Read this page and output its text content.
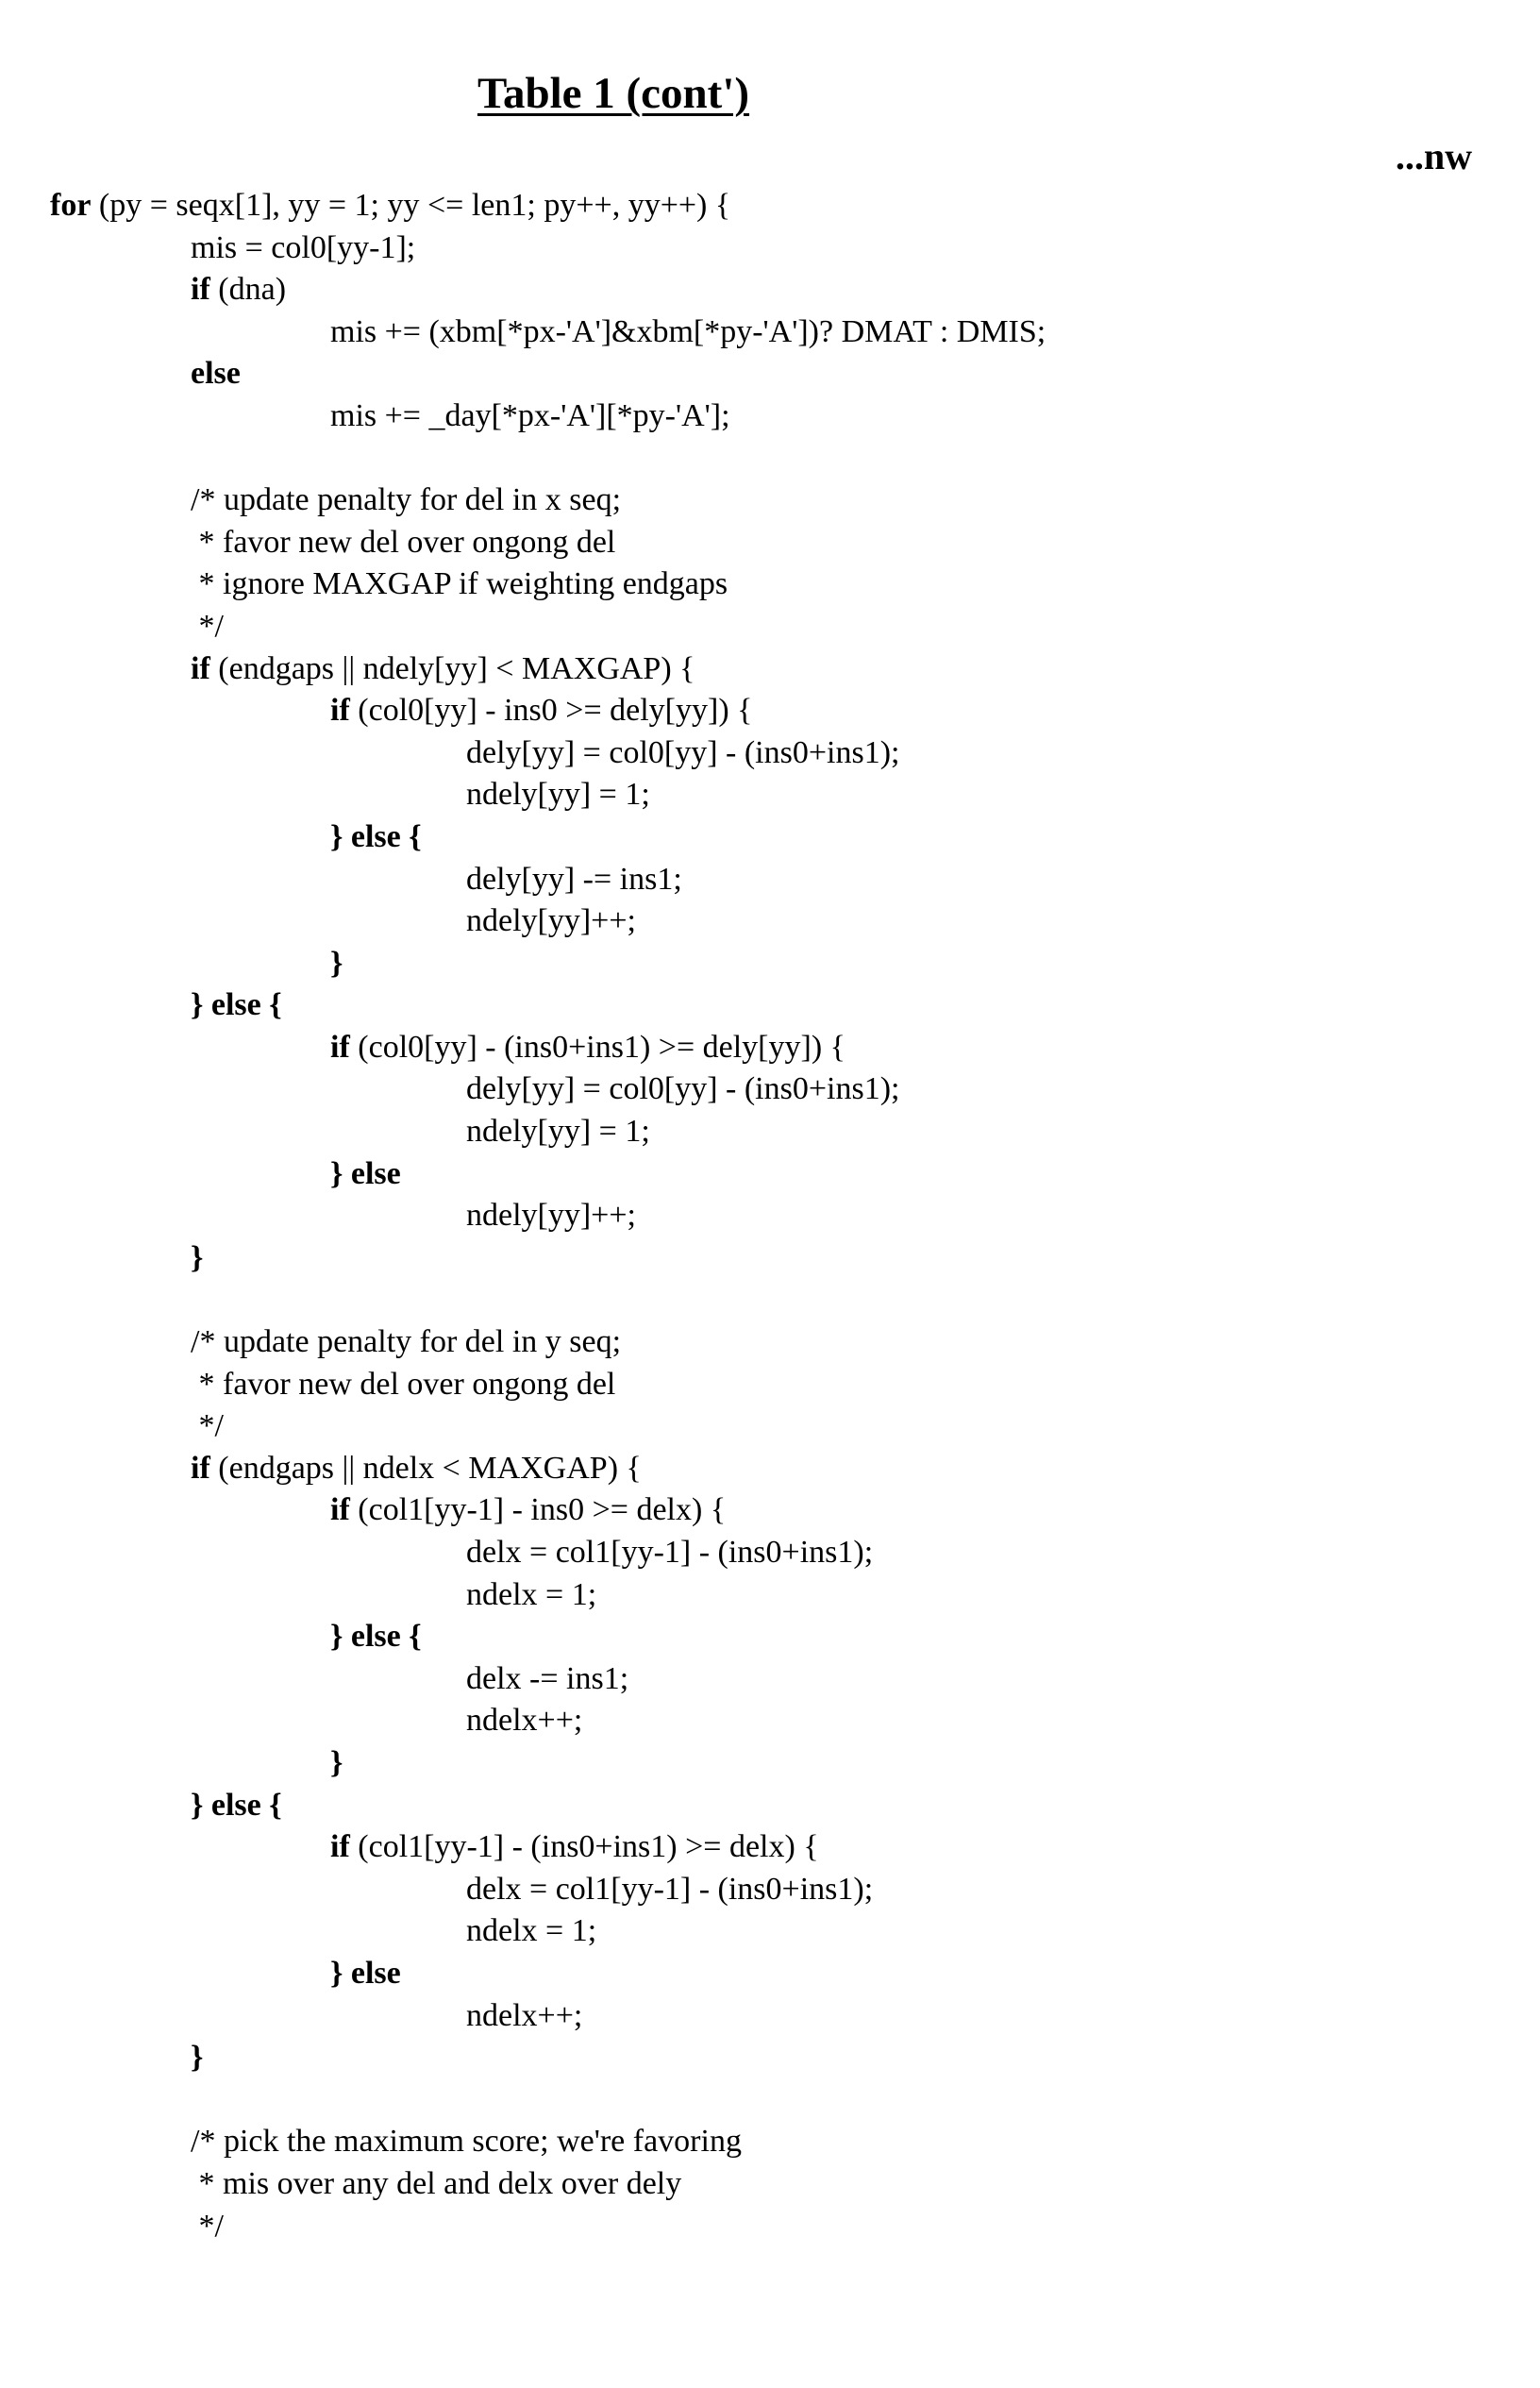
Table 1 (cont')
...nw
for (py = seqx[1], yy = 1; yy <= len1; py++, yy++) {
mis = col0[yy-1];
if (dna)
mis += (xbm[*px-'A']&xbm[*py-'A'])? DMAT : DMIS;
else
mis += _day[*px-'A'][*py-'A'];
/* update penalty for del in x seq;
* favor new del over ongong del
* ignore MAXGAP if weighting endgaps
*/
if (endgaps || ndely[yy] < MAXGAP) {
if (col0[yy] - ins0 >= dely[yy]) {
dely[yy] = col0[yy] - (ins0+ins1);
ndely[yy] = 1;
} else {
dely[yy] -= ins1;
ndely[yy]++;
}
} else {
if (col0[yy] - (ins0+ins1) >= dely[yy]) {
dely[yy] = col0[yy] - (ins0+ins1);
ndely[yy] = 1;
} else
ndely[yy]++;
}
/* update penalty for del in y seq;
* favor new del over ongong del
*/
if (endgaps || ndelx < MAXGAP) {
if (col1[yy-1] - ins0 >= delx) {
delx = col1[yy-1] - (ins0+ins1);
ndelx = 1;
} else {
delx -= ins1;
ndelx++;
}
} else {
if (col1[yy-1] - (ins0+ins1) >= delx) {
delx = col1[yy-1] - (ins0+ins1);
ndelx = 1;
} else
ndelx++;
}
/* pick the maximum score; we're favoring
* mis over any del and delx over dely
*/
